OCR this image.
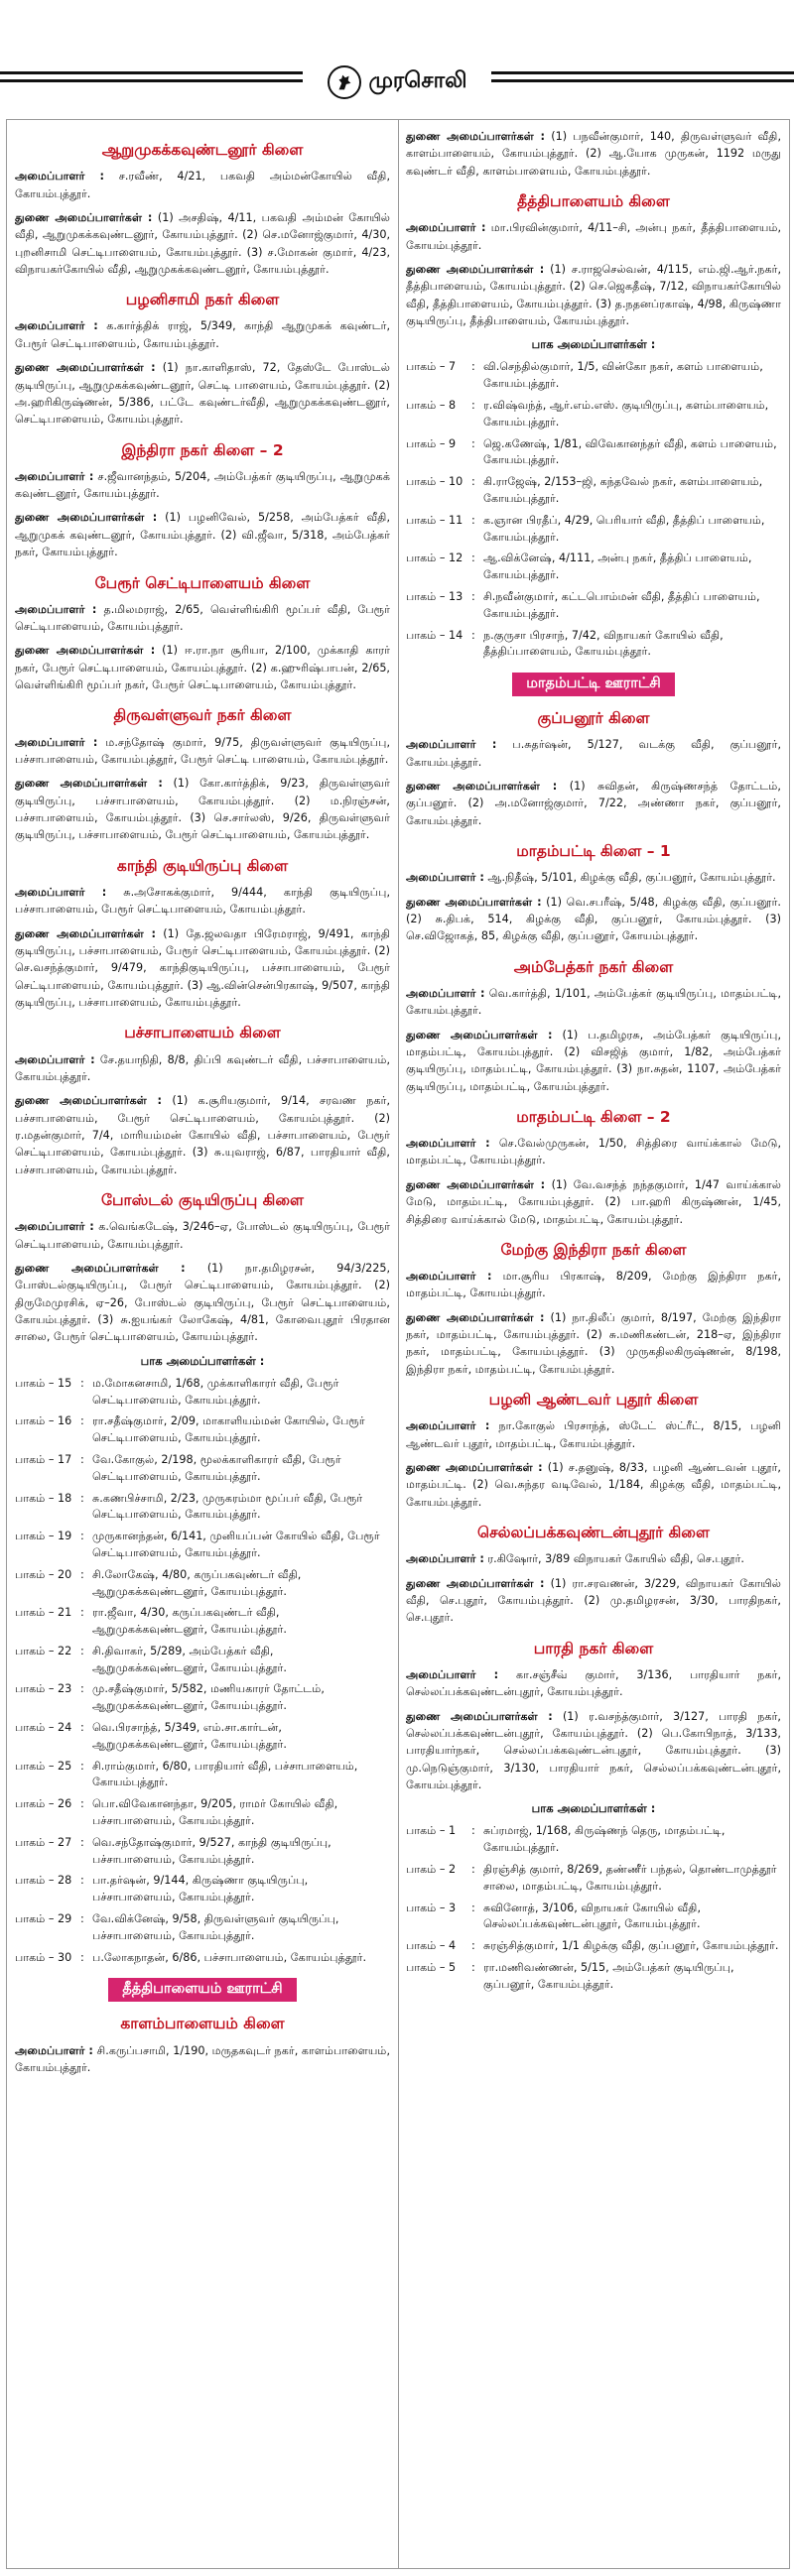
முரசொலி
ஆறுமுகக்கவுண்டனூர் கிளை
அமைப்பாளர் : ச.ரவீண், 4/21, பகவதி அம்மன்கோயில் வீதி, கோயம்புத்தூர்.
துணை அமைப்பாளர்கள் : (1) அசதிஷ், 4/11, பகவதி அம்மன் கோயில் வீதி, ஆறுமுகக்கவுண்டனூர், கோயம்புத்தூர். (2) செ.மனோஜ்குமார், 4/30, புறனிசாமி செட்டிபாளையம், கோயம்புத்தூர். (3) ச.மோகன் குமார், 4/23, விநாயகர்கோயில் வீதி, ஆறுமுகக்கவுண்டனூர், கோயம்புத்தூர்.
பழனிசாமி நகர் கிளை
அமைப்பாளர் : க.கார்த்திக் ராஜ், 5/349, காந்தி ஆறுமுகக் கவுண்டர், பேரூர் செட்டிபாளையம், கோயம்புத்தூர்.
துணை அமைப்பாளர்கள் : (1) நா.காளிதாஸ், 72, தேஸ்டே போஸ்டல் குடியிருப்பு, ஆறுமுகக்கவுண்டனூர், செட்டி பாளையம், கோயம்புத்தூர். (2) அ.ஹரிகிருஷ்ணன், 5/386, பட்டே கவுண்டர்வீதி, ஆறுமுகக்கவுண்டனூர், செட்டிபாளையம், கோயம்புத்தூர்.
இந்திரா நகர் கிளை – 2
அமைப்பாளர் : ச.ஜீவானந்தம், 5/204, அம்பேத்கர் குடியிருப்பு, ஆறுமுகக் கவுண்டனூர், கோயம்புத்தூர்.
துணை அமைப்பாளர்கள் : (1) பழனிவேல், 5/258, அம்பேத்கர் வீதி, ஆறுமுகக் கவுண்டனூர், கோயம்புத்தூர். (2) வி.ஜீவா, 5/318, அம்பேத்கர் நகர், கோயம்புத்தூர்.
பேரூர் செட்டிபாளையம் கிளை
அமைப்பாளர் : த.மிலமராஜ், 2/65, வெள்ளிங்கிரி மூப்பர் வீதி, பேரூர் செட்டிபாளையம், கோயம்புத்தூர்.
துணை அமைப்பாளர்கள் : (1) ஈ.ரா.நா சூரியா, 2/100, முக்காதி காரர் நகர், பேரூர் செட்டிபாளையம், கோயம்புத்தூர். (2) க.ஹுரிஷ்பாபன், 2/65, வெள்ளிங்கிரி மூப்பர் நகர், பேரூர் செட்டிபாளையம், கோயம்புத்தூர்.
திருவள்ளுவர் நகர் கிளை
அமைப்பாளர் : ம.சந்தோஷ் குமார், 9/75, திருவள்ளுவர் குடியிருப்பு, பச்சாபாளையம், கோயம்புத்தூர், பேரூர் செட்டி பாளையம், கோயம்புத்தூர்.
துணை அமைப்பாளர்கள் : (1) கோ.கார்த்திக், 9/23, திருவள்ளுவர் குடியிருப்பு, பச்சாபாளையம், கோயம்புத்தூர். (2) ம.நிரஞ்சன், பச்சாபாளையம், கோயம்புத்தூர். (3) செ.சார்லஸ், 9/26, திருவள்ளுவர் குடியிருப்பு, பச்சாபாளையம், பேரூர் செட்டிபாளையம், கோயம்புத்தூர்.
காந்தி குடியிருப்பு கிளை
அமைப்பாளர் : சு.அசோகக்குமார், 9/444, காந்தி குடியிருப்பு, பச்சாபாளையம், பேரூர் செட்டிபாளையம், கோயம்புத்தூர்.
துணை அமைப்பாளர்கள் : (1) தே.ஜலவதா பிரேமராஜ், 9/491, காந்தி குடியிருப்பு, பச்சாபாளையம், பேரூர் செட்டிபாளையம், கோயம்புத்தூர். (2) செ.வசந்த்குமார், 9/479, காந்திகுடியிருப்பு, பச்சாபாளையம், பேரூர் செட்டிபாளையம், கோயம்புத்தூர். (3) ஆ.வின்சென்பிரகாஷ், 9/507, காந்தி குடியிருப்பு, பச்சாபாளையம், கோயம்புத்தூர்.
பச்சாபாளையம் கிளை
அமைப்பாளர் : சே.தயாநிதி, 8/8, திப்பி கவுண்டர் வீதி, பச்சாபாளையம், கோயம்புத்தூர்.
துணை அமைப்பாளர்கள் : (1) க.சூரியகுமார், 9/14, சரவண நகர், பச்சாபாளையம், பேரூர் செட்டிபாளையம், கோயம்புத்தூர். (2) ர.மதன்குமார், 7/4, மாரியம்மன் கோயில் வீதி, பச்சாபாளையம், பேரூர் செட்டிபாளையம், கோயம்புத்தூர். (3) சு.யுவராஜ், 6/87, பாரதியார் வீதி, பச்சாபாளையம், கோயம்புத்தூர்.
போஸ்டல் குடியிருப்பு கிளை
அமைப்பாளர் : க.வெங்கடேஷ், 3/246–ஏ, போஸ்டல் குடியிருப்பு, பேரூர் செட்டிபாளையம், கோயம்புத்தூர்.
துணை அமைப்பாளர்கள் : (1) நா.தமிழரசன், 94/3/225, போஸ்டல்குடியிருப்பு, பேரூர் செட்டிபாளையம், கோயம்புத்தூர். (2) திருமேமுரசிக், ஏ–26, போஸ்டல் குடியிருப்பு, பேரூர் செட்டிபாளையம், கோயம்புத்தூர். (3) சு.ஐயங்கர் லோகேஷ், 4/81, கோவைபுதூர் பிரதான சாலை, பேரூர் செட்டிபாளையம், கோயம்புத்தூர்.
பாக அமைப்பாளர்கள் :
பாகம் – 15 : ம.மோகனசாமி, 1/68, முக்காளிகாரர் வீதி, பேரூர் செட்டிபாளையம், கோயம்புத்தூர்.
பாகம் – 16 : ரா.சதீஷ்குமார், 2/09, மாகாளியம்மன் கோயில், பேரூர் செட்டிபாளையம், கோயம்புத்தூர்.
பாகம் – 17 : வே.கோகுல், 2/198, மூலக்காளிகாரர் வீதி, பேரூர் செட்டிபாளையம், கோயம்புத்தூர்.
பாகம் – 18 : சு.கணபிச்சாமி, 2/23, முருகரம்மா மூப்பர் வீதி, பேரூர் செட்டிபாளையம், கோயம்புத்தூர்.
பாகம் – 19 : முருகானந்தன், 6/141, முனியப்பன் கோயில் வீதி, பேரூர் செட்டிபாளையம், கோயம்புத்தூர்.
பாகம் – 20 : சி.லோகேஷ், 4/80, கருப்பகவுண்டர் வீதி, ஆறுமுகக்கவுண்டனூர், கோயம்புத்தூர்.
பாகம் – 21 : ரா.ஜீவா, 4/30, கருப்பகவுண்டர் வீதி, ஆறுமுகக்கவுண்டனூர், கோயம்புத்தூர்.
பாகம் – 22 : சி.திவாகர், 5/289, அம்பேத்கர் வீதி, ஆறுமுகக்கவுண்டனூர், கோயம்புத்தூர்.
பாகம் – 23 : மு.சதீஷ்குமார், 5/582, மணியகாரர் தோட்டம், ஆறுமுகக்கவுண்டனூர், கோயம்புத்தூர்.
பாகம் – 24 : வெ.பிரசாந்த், 5/349, எம்.சா.கார்டன், ஆறுமுகக்கவுண்டனூர், கோயம்புத்தூர்.
பாகம் – 25 : சி.ராம்குமார், 6/80, பாரதியார் வீதி, பச்சாபாளையம், கோயம்புத்தூர்.
பாகம் – 26 : பொ.விவேகானந்தா, 9/205, ராமர் கோயில் வீதி, பச்சாபாளையம், கோயம்புத்தூர்.
பாகம் – 27 : வெ.சந்தோஷ்குமார், 9/527, காந்தி குடியிருப்பு, பச்சாபாளையம், கோயம்புத்தூர்.
பாகம் – 28 : பா.தர்ஷன், 9/144, கிருஷ்ணா குடியிருப்பு, பச்சாபாளையம், கோயம்புத்தூர்.
பாகம் – 29 : வே.விக்னேஷ், 9/58, திருவள்ளுவர் குடியிருப்பு, பச்சாபாளையம், கோயம்புத்தூர்.
பாகம் – 30 : ப.லோகநாதன், 6/86, பச்சாபாளையம், கோயம்புத்தூர்.
தீத்திபாளையம் ஊராட்சி
காளம்பாளையம் கிளை
அமைப்பாளர் : சி.கருப்பசாமி, 1/190, மருதகவுடர் நகர், காளம்பாளையம், கோயம்புத்தூர்.
துணை அமைப்பாளர்கள் : (1) பநவீன்குமார், 140, திருவள்ளுவர் வீதி, காளம்பாளையம், கோயம்புத்தூர். (2) ஆ.யோக முருகன், 1192 மருது கவுண்டர் வீதி, காளம்பாளையம், கோயம்புத்தூர்.
தீத்திபாளையம் கிளை
அமைப்பாளர் : மா.பிரவின்குமார், 4/11–சி, அன்பு நகர், தீத்திபாளையம், கோயம்புத்தூர்.
துணை அமைப்பாளர்கள் : (1) ச.ராஜசெல்வன், 4/115, எம்.ஜி.ஆர்.நகர், தீத்திபாளையம், கோயம்புத்தூர். (2) செ.ஜெகதீஷ், 7/12, விநாயகர்கோயில் வீதி, தீத்திபாளையம், கோயம்புத்தூர். (3) த.நதனப்ரகாஷ், 4/98, கிருஷ்ணா குடியிருப்பு, தீத்திபாளையம், கோயம்புத்தூர்.
பாக அமைப்பாளர்கள் :
பாகம் – 7	: வி.செந்தில்குமார், 1/5, வின்கோ நகர், களம் பாளையம், கோயம்புத்தூர்.
பாகம் – 8	: ர.விஷ்வந்த், ஆர்.எம்.எஸ். குடியிருப்பு, களம்பாளையம், கோயம்புத்தூர்.
பாகம் – 9	: ஜெ.கணேஷ், 1/81, விவேகானந்தர் வீதி, களம் பாளையம், கோயம்புத்தூர்.
பாகம் – 10 : கி.ராஜேஷ், 2/153–ஜி, கந்தவேல் நகர், களம்பாளையம், கோயம்புத்தூர்.
பாகம் – 11 : க.ஞான பிரதீப், 4/29, பெரியார் வீதி, தீத்திப் பாளையம், கோயம்புத்தூர்.
பாகம் – 12 : ஆ.விக்னேஷ், 4/111, அன்பு நகர், தீத்திப் பாளையம், கோயம்புத்தூர்.
பாகம் – 13 : சி.நவீன்குமார், கட்டபொம்மன் வீதி, தீத்திப் பாளையம், கோயம்புத்தூர்.
பாகம் – 14 : ந.குருசா பிரசாந், 7/42, விநாயகர் கோயில் வீதி, தீத்திப்பாளையம், கோயம்புத்தூர்.
மாதம்பட்டி ஊராட்சி
குப்பனூர் கிளை
அமைப்பாளர் : ப.சுதர்ஷன், 5/127, வடக்கு வீதி, குப்பனூர், கோயம்புத்தூர்.
துணை அமைப்பாளர்கள் : (1) சுவிதன், கிருஷ்ணசந்த் தோட்டம், குப்பனூர். (2) அ.மனோஜ்குமார், 7/22, அண்ணா நகர், குப்பனூர், கோயம்புத்தூர்.
மாதம்பட்டி கிளை – 1
அமைப்பாளர் : ஆ.நிதீஷ், 5/101, கிழக்கு வீதி, குப்பனூர், கோயம்புத்தூர்.
துணை அமைப்பாளர்கள் : (1) வெ.சபரீஷ், 5/48, கிழக்கு வீதி, குப்பனூர். (2) சு.திபக், 514, கிழக்கு வீதி, குப்பனூர், கோயம்புத்தூர். (3) செ.விஜோகத், 85, கிழக்கு வீதி, குப்பனூர், கோயம்புத்தூர்.
அம்பேத்கர் நகர் கிளை
அமைப்பாளர் : வெ.கார்த்தி, 1/101, அம்பேத்கர் குடியிருப்பு, மாதம்பட்டி, கோயம்புத்தூர்.
துணை அமைப்பாளர்கள் : (1) ப.தமிழரசு, அம்பேத்கர் குடியிருப்பு, மாதம்பட்டி, கோயம்புத்தூர். (2) விசஜித் குமார், 1/82, அம்பேத்கர் குடியிருப்பு, மாதம்பட்டி, கோயம்புத்தூர். (3) நா.சுதன், 1107, அம்பேத்கர் குடியிருப்பு, மாதம்பட்டி, கோயம்புத்தூர்.
மாதம்பட்டி கிளை – 2
அமைப்பாளர் : செ.வேல்முருகன், 1/50, சித்திரை வாய்க்கால் மேடு, மாதம்பட்டி, கோயம்புத்தூர்.
துணை அமைப்பாளர்கள் : (1) வே.வசந்த் நந்தகுமார், 1/47 வாய்க்கால் மேடு, மாதம்பட்டி, கோயம்புத்தூர். (2) பா.ஹரி கிருஷ்ணன், 1/45, சித்திரை வாய்க்கால் மேடு, மாதம்பட்டி, கோயம்புத்தூர்.
மேற்கு இந்திரா நகர் கிளை
அமைப்பாளர் : மா.சூரிய பிரகாஷ், 8/209, மேற்கு இந்திரா நகர், மாதம்பட்டி, கோயம்புத்தூர்.
துணை அமைப்பாளர்கள் : (1) நா.திலீப் குமார், 8/197, மேற்கு இந்திரா நகர், மாதம்பட்டி, கோயம்புத்தூர். (2) சு.மணிகண்டன், 218–ஏ, இந்திரா நகர், மாதம்பட்டி, கோயம்புத்தூர். (3) முருகதிலகிருஷ்ணன், 8/198, இந்திரா நகர், மாதம்பட்டி, கோயம்புத்தூர்.
பழனி ஆண்டவர் புதூர் கிளை
அமைப்பாளர் : நா.கோகுல் பிரசாந்த், ஸ்டேட் ஸ்ட்ரீட், 8/15, பழனி ஆண்டவர் புதூர், மாதம்பட்டி, கோயம்புத்தூர்.
துணை அமைப்பாளர்கள் : (1) ச.தனுஷ், 8/33, பழனி ஆண்டவன் புதூர், மாதம்பட்டி. (2) வெ.சுந்தர வடிவேல், 1/184, கிழக்கு வீதி, மாதம்பட்டி, கோயம்புத்தூர்.
செல்லப்பக்கவுண்டன்புதூர் கிளை
அமைப்பாளர் : ர.கிஷோர், 3/89 விநாயகர் கோயில் வீதி, செ.புதூர்.
துணை அமைப்பாளர்கள் : (1) ரா.சரவணன், 3/229, விநாயகர் கோயில் வீதி, செ.புதூர், கோயம்புத்தூர். (2) மு.தமிழரசன், 3/30, பாரதிநகர், செ.புதூர்.
பாரதி நகர் கிளை
அமைப்பாளர் : கா.சஞ்சீவ் குமார், 3/136, பாரதியார் நகர், செல்லப்பக்கவுண்டன்புதூர், கோயம்புத்தூர்.
துணை அமைப்பாளர்கள் : (1) ர.வசந்த்குமார், 3/127, பாரதி நகர், செல்லப்பக்கவுண்டன்புதூர், கோயம்புத்தூர். (2) பெ.கோபிநாத், 3/133, பாரதியார்நகர், செல்லப்பக்கவுண்டன்புதூர், கோயம்புத்தூர். (3) மு.நெடுஞ்குமார், 3/130, பாரதியார் நகர், செல்லப்பக்கவுண்டன்புதூர், கோயம்புத்தூர்.
பாக அமைப்பாளர்கள் :
பாகம் – 1	: சுப்ரமாஜ், 1/168, கிருஷ்ணந் தெரு, மாதம்பட்டி, கோயம்புத்தூர்.
பாகம் – 2	: திரஞ்சித் குமார், 8/269, தண்ணீர் பந்தல், தொண்டாமுத்தூர் சாலை, மாதம்பட்டி, கோயம்புத்தூர்.
பாகம் – 3	: சுவினோத், 3/106, விநாயகர் கோயில் வீதி, செல்லப்பக்கவுண்டன்புதூர், கோயம்புத்தூர்.
பாகம் – 4	: சுரஞ்சித்குமார், 1/1 கிழக்கு வீதி, குப்பனூர், கோயம்புத்தூர்.
பாகம் – 5	: ரா.மணிவண்ணன், 5/15, அம்பேத்கர் குடியிருப்பு, குப்பனூர், கோயம்புத்தூர்.
